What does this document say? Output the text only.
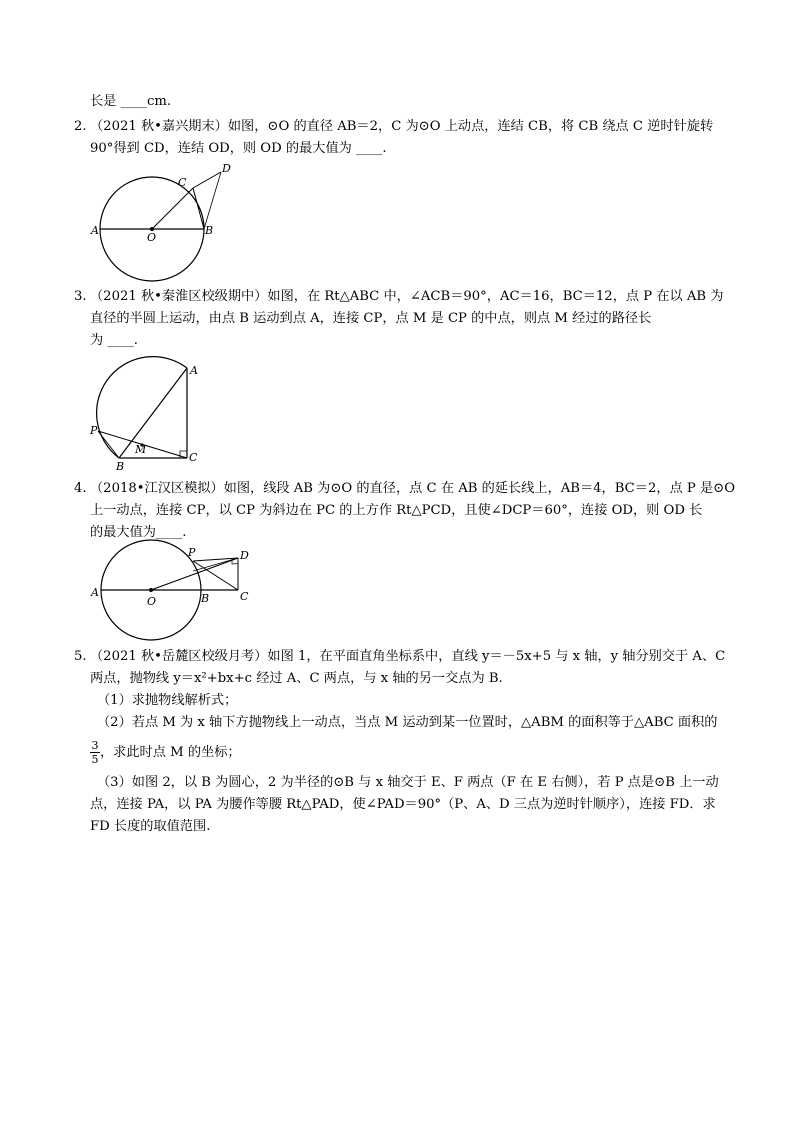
长是 ____cm.
2. （2021 秋•嘉兴期末）如图，⊙O 的直径 AB＝2，C 为⊙O 上动点，连结 CB，将 CB 绕点 C 逆时针旋转
90°得到 CD，连结 OD，则 OD 的最大值为 ____.
A	B
O
C
D
3. （2021 秋•秦淮区校级期中）如图，在 Rt△ABC 中，∠ACB＝90°，AC＝16，BC＝12，点 P 在以 AB 为
直径的半圆上运动，由点 B 运动到点 A，连接 CP，点 M 是 CP 的中点，则点 M 经过的路径长
为 ____.
A
B
C
P
M
4. （2018•江汉区模拟）如图，线段 AB 为⊙O 的直径，点 C 在 AB 的延长线上，AB＝4，BC＝2，点 P 是⊙O
上一动点，连接 CP，以 CP 为斜边在 PC 的上方作 Rt△PCD，且使∠DCP＝60°，连接 OD，则 OD 长
的最大值为____.
A	B
O	C
D
P
5. （2021 秋•岳麓区校级月考）如图 1，在平面直角坐标系中，直线 y＝－5x+5 与 x 轴，y 轴分别交于 A、C
两点，抛物线 y＝x²+bx+c 经过 A、C 两点，与 x 轴的另一交点为 B.
（1）求抛物线解析式；
（2）若点 M 为 x 轴下方抛物线上一动点，当点 M 运动到某一位置时，△ABM 的面积等于△ABC 面积的
3
5 ，求此时点 M 的坐标；
（3）如图 2，以 B 为圆心，2 为半径的⊙B 与 x 轴交于 E、F 两点（F 在 E 右侧），若 P 点是⊙B 上一动
点，连接 PA，以 PA 为腰作等腰 Rt△PAD，使∠PAD＝90°（P、A、D 三点为逆时针顺序），连接 FD．求
FD 长度的取值范围.
